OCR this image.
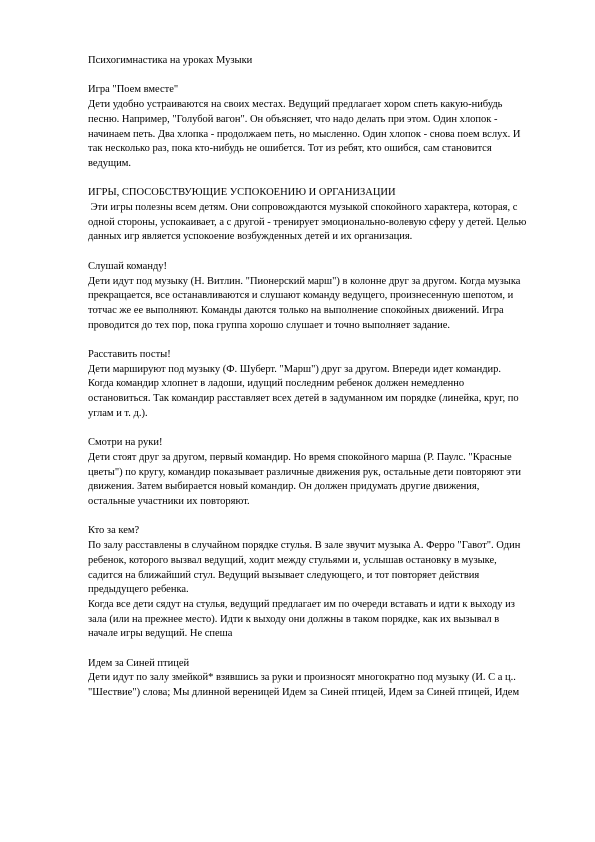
Психогимнастика на уроках Музыки

Игра "Поем вместе"

Дети удобно устраиваются на своих местах. Ведущий предлагает хором спеть какую-нибудь песню. Например, "Голубой вагон". Он объясняет, что надо делать при этом. Один хлопок - начинаем петь. Два хлопка - продолжаем петь, но мысленно. Один хлопок - снова поем вслух. И так несколько раз, пока кто-нибудь не ошибется. Тот из ребят, кто ошибся, сам становится ведущим.

ИГРЫ, СПОСОБСТВУЮЩИЕ УСПОКОЕНИЮ И ОРГАНИЗАЦИИ

Эти игры полезны всем детям. Они сопровождаются музыкой спокойного характера, которая, с одной стороны, успокаивает, а с другой - тренирует эмоционально-волевую сферу у детей. Целью данных игр является успокоение возбужденных детей и их организация.

Слушай команду!

Дети идут под музыку (Н. Витлин. "Пионерский марш") в колонне друг за другом. Когда музыка прекращается, все останавливаются и слушают команду ведущего, произнесенную шепотом, и тотчас же ее выполняют. Команды даются только на выполнение спокойных движений. Игра проводится до тех пор, пока группа хорошо слушает и точно выполняет задание.

Расставить посты!

Дети маршируют под музыку (Ф. Шуберт. "Марш") друг за другом. Впереди идет командир. Когда командир хлопнет в ладоши, идущий последним ребенок должен немедленно остановиться. Так командир расставляет всех детей в задуманном им порядке (линейка, круг, по углам и т. д.).

Смотри на руки!

Дети стоят друг за другом, первый командир. Но время спокойного марша (Р. Паулс. "Красные цветы") по кругу, командир показывает различные движения рук, остальные дети повторяют эти движения. Затем выбирается новый командир. Он должен придумать другие движения, остальные участники их повторяют.

Кто за кем?

По залу расставлены в случайном порядке стулья. В зале звучит музыка А. Ферро "Гавот". Один ребенок, которого вызвал ведущий, ходит между стульями и, услышав остановку в музыке, садится на ближайший стул. Ведущий вызывает следующего, и тот повторяет действия предыдущего ребенка.

Когда все дети сядут на стулья, ведущий предлагает им по очереди вставать и идти к выходу из зала (или на прежнее место). Идти к выходу они должны в таком порядке, как их вызывал в начале игры ведущий. Не спеша

Идем за Синей птицей

Дети идут по залу змейкой* взявшись за руки и произносят многократно под музыку (И. С а ц.. "Шествие") слова; Мы длинной вереницей Идем за Синей птицей, Идем за Синей птицей, Идем
